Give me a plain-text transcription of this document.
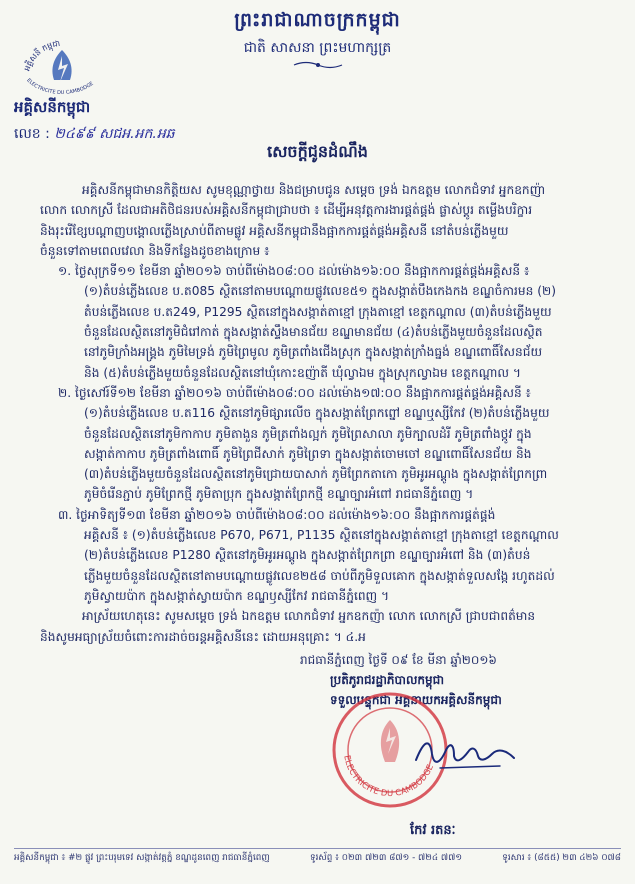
ព្រះរាជាណាចក្រកម្ពុជា
ជាតិ សាសនា ព្រះមហាក្សត្រ
អគ្គិសនី កម្ពុជា
ELECTRICITE DU CAMBODGE
អគ្គិសនីកម្ពុជា
លេខ : ២៤៩៩ សជអ.អក.អឆ
សេចក្តីជូនដំណឹង

អគ្គិសនីកម្ពុជាមានកិត្តិយស សូមខុណ្ណាថ្វាយ និងជម្រាបជូន សម្តេច ទ្រង់ ឯកឧត្តម លោកជំទាវ អ្នកឧកញ៉ា

លោក លោកស្រី ដែលជាអតិថិជនរបស់អគ្គិសនីកម្ពុជាជ្រាបថា ៖ ដើម្បីអនុវត្តការងារផ្គត់ផ្គង់ ផ្លាស់ប្តូរ តម្លើងបរិក្ខារ

និងរុះរើខ្សែបណ្តាញបង្គោលភ្លើងស្រាប់ពីតាមផ្លូវ អគ្គិសនីកម្ពុជានឹងផ្អាកការផ្គត់ផ្គង់អគ្គិសនី នៅតំបន់ភ្លើងមួយ

ចំនួនទៅតាមពេលវេលា និងទីកន្លែងដូចខាងក្រោម ៖

១. ថ្ងៃសុក្រទី១១ ខែមីនា ឆ្នាំ២០១៦ ចាប់ពីម៉ោង០៨:០០ ដល់ម៉ោង១៦:០០ នឹងផ្អាកការផ្គត់ផ្គង់អគ្គិសនី ៖

(១)តំបន់ភ្លើងលេខ ប.ត085 ស្ថិតនៅតាមបណ្តោយផ្លូវលេខ៥១ ក្នុងសង្កាត់បឹងកេងកង ខណ្ឌចំការមន (២)

តំបន់ភ្លើងលេខ ប.ត249, P1295 ស្ថិតនៅក្នុងសង្កាត់តាខ្មៅ ក្រុងតាខ្មៅ ខេត្តកណ្តាល (៣)តំបន់ភ្លើងមួយ

ចំនួនដែលស្ថិតនៅភូមិជំរៅកាត់ ក្នុងសង្កាត់ស្ទឹងមានជ័យ ខណ្ឌមានជ័យ (៤)តំបន់ភ្លើងមួយចំនួនដែលស្ថិត

នៅភូមិក្រាំងអង្គ្រង ភូមិមៃទ្រង់ ភូមិព្រៃមូល ភូមិត្រពាំងជើងស្រុក ក្នុងសង្កាត់ក្រាំងធ្នង់ ខណ្ឌពោធិ៍សែនជ័យ

និង (៥)តំបន់ភ្លើងមួយចំនួនដែលស្ថិតនៅឃុំកោះឧញ៉ាតី ឃុំល្វាឯម ក្នុងស្រុកល្វាឯម ខេត្តកណ្តាល ។

២. ថ្ងៃសៅរ៍ទី១២ ខែមីនា ឆ្នាំ២០១៦ ចាប់ពីម៉ោង០៨:០០ ដល់ម៉ោង១៧:០០ នឹងផ្អាកការផ្គត់ផ្គង់អគ្គិសនី ៖

(១)តំបន់ភ្លើងលេខ ប.ត116 ស្ថិតនៅភូមិផ្សារលើច ក្នុងសង្កាត់ព្រែកព្នៅ ខណ្ឌឬស្សីកែវ (២)តំបន់ភ្លើងមួយ

ចំនួនដែលស្ថិតនៅភូមិកាកាប ភូមិតាងួន ភូមិត្រពាំងល្អក់ ភូមិព្រៃសាលា ភូមិក្បាលដំរី ភូមិត្រពាំងថ្កូវ ក្នុង

សង្កាត់កាកាប ភូមិត្រពាំងពោធិ៍ ភូមិព្រៃជីសាក់ ភូមិព្រៃទា ក្នុងសង្កាត់ចោមចៅ ខណ្ឌពោធិ៍សែនជ័យ និង

(៣)តំបន់ភ្លើងមួយចំនួនដែលស្ថិតនៅភូមិជ្រោយបាសាក់ ភូមិព្រែកតាកោ ភូមិអូរអណ្តូង ក្នុងសង្កាត់ព្រែកព្រា

ភូមិចំរើនភ្ជាប់ ភូមិព្រែកថ្មី ភូមិតាប្រុក ក្នុងសង្កាត់ព្រែកថ្មី ខណ្ឌច្បារអំពៅ រាជធានីភ្នំពេញ ។

៣. ថ្ងៃអាទិត្យទី១៣ ខែមីនា ឆ្នាំ២០១៦ ចាប់ពីម៉ោង០៨:០០ ដល់ម៉ោង១៦:០០ នឹងផ្អាកការផ្គត់ផ្គង់

អគ្គិសនី ៖ (១)តំបន់ភ្លើងលេខ P670, P671, P1135 ស្ថិតនៅក្នុងសង្កាត់តាខ្មៅ ក្រុងតាខ្មៅ ខេត្តកណ្តាល

(២)តំបន់ភ្លើងលេខ P1280 ស្ថិតនៅភូមិអូរអណ្តូង ក្នុងសង្កាត់ព្រែកព្រា ខណ្ឌច្បារអំពៅ និង (៣)តំបន់

ភ្លើងមួយចំនួនដែលស្ថិតនៅតាមបណ្តោយផ្លូវលេខ២៥៨ ចាប់ពីភូមិទួលគោក ក្នុងសង្កាត់ទួលសង្កែ រហូតដល់

ភូមិស្វាយប៉ាក ក្នុងសង្កាត់ស្វាយប៉ាក ខណ្ឌឫស្សីកែវ រាជធានីភ្នំពេញ ។

អាស្រ័យហេតុនេះ សូមសម្តេច ទ្រង់ ឯកឧត្តម លោកជំទាវ អ្នកឧកញ៉ា លោក លោកស្រី ជ្រាបជាពត៌មាន

និងសូមអធ្យាស្រ័យចំពោះការដាច់ចរន្តអគ្គិសនីនេះ ដោយអនុគ្រោះ ។ ៤.អ

រាជធានីភ្នំពេញ ថ្ងៃទី ០៩ ខែ មីនា ឆ្នាំ២០១៦
ប្រតិភូរាជរដ្ឋាភិបាលកម្ពុជា
ទទួលបន្ទុកជា អគ្គនាយកអគ្គិសនីកម្ពុជា
ELECTRICITE DU CAMBODGE
កែវ រតនៈ
អគ្គិសនីកម្ពុជា ៖ #២ ផ្លូវ ព្រះបរុមទេវ សង្កាត់វត្តភ្នំ ខណ្ឌដូនពេញ រាជធានីភ្នំពេញ	ទូរស័ព្ទ ៖ ០២៣ ៧២៣ ៨៧១ - ៧២៤ ៧៧១	ទូរសារ ៖ (៨៥៥) ២៣ ៤២៦ ០៧៨
